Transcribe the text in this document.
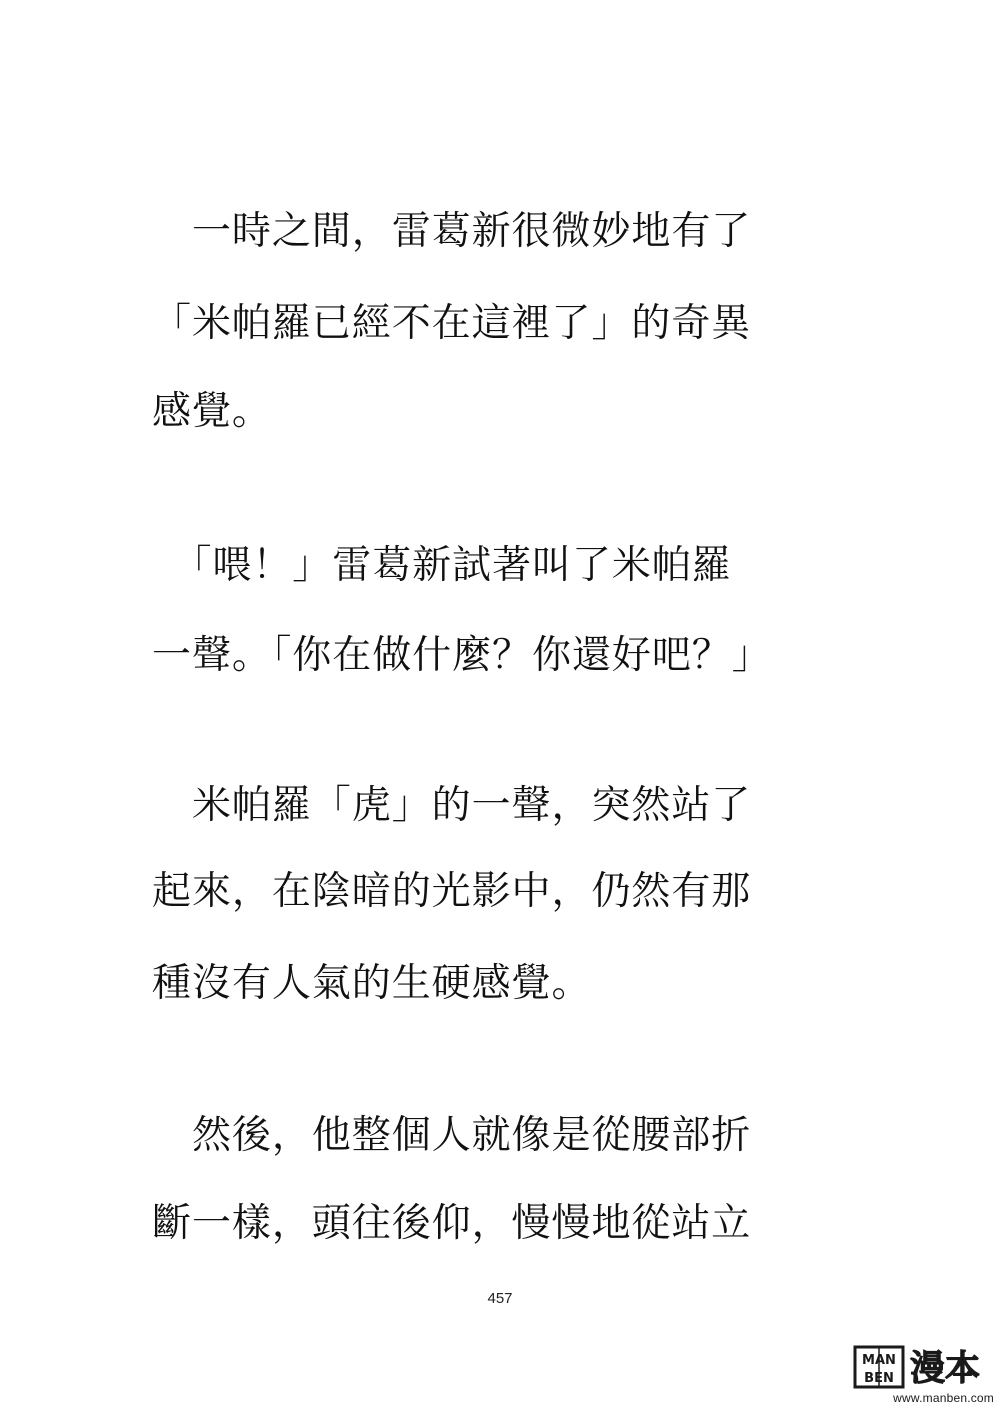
　一時之間，雷葛新很微妙地有了
「米帕羅已經不在這裡了」的奇異
感覺。
　「喂！」雷葛新試著叫了米帕羅
一聲。「你在做什麼？你還好吧？」
　米帕羅「虎」的一聲，突然站了
起來，在陰暗的光影中，仍然有那
種沒有人氣的生硬感覺。
　然後，他整個人就像是從腰部折
斷一樣，頭往後仰，慢慢地從站立
457
MAN
BEN 漫本
www.manben.com
